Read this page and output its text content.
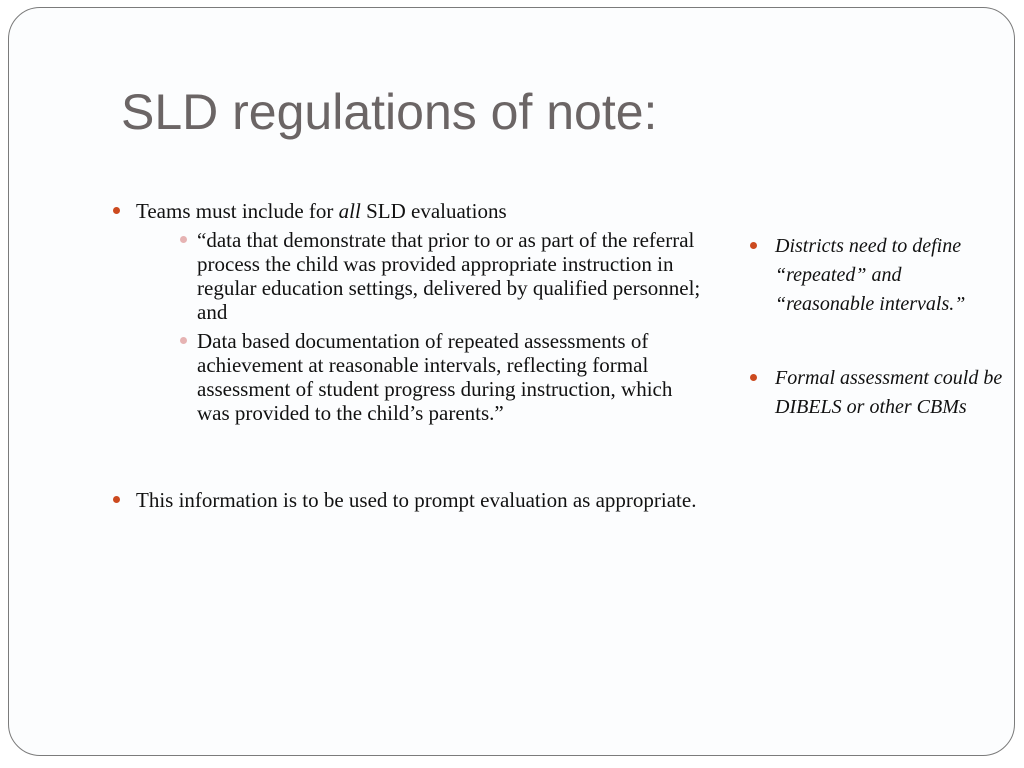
SLD regulations of note:
Teams must include for all SLD evaluations
“data that demonstrate that prior to or as part of the referral process the child was provided appropriate instruction in regular education settings, delivered by qualified personnel; and
Data based documentation of repeated assessments of achievement at reasonable intervals, reflecting formal assessment of student progress during instruction, which was provided to the child’s parents.”
This information is to be used to prompt evaluation as appropriate.
Districts need to define “repeated” and “reasonable intervals.”
Formal assessment could be DIBELS or other CBMs
